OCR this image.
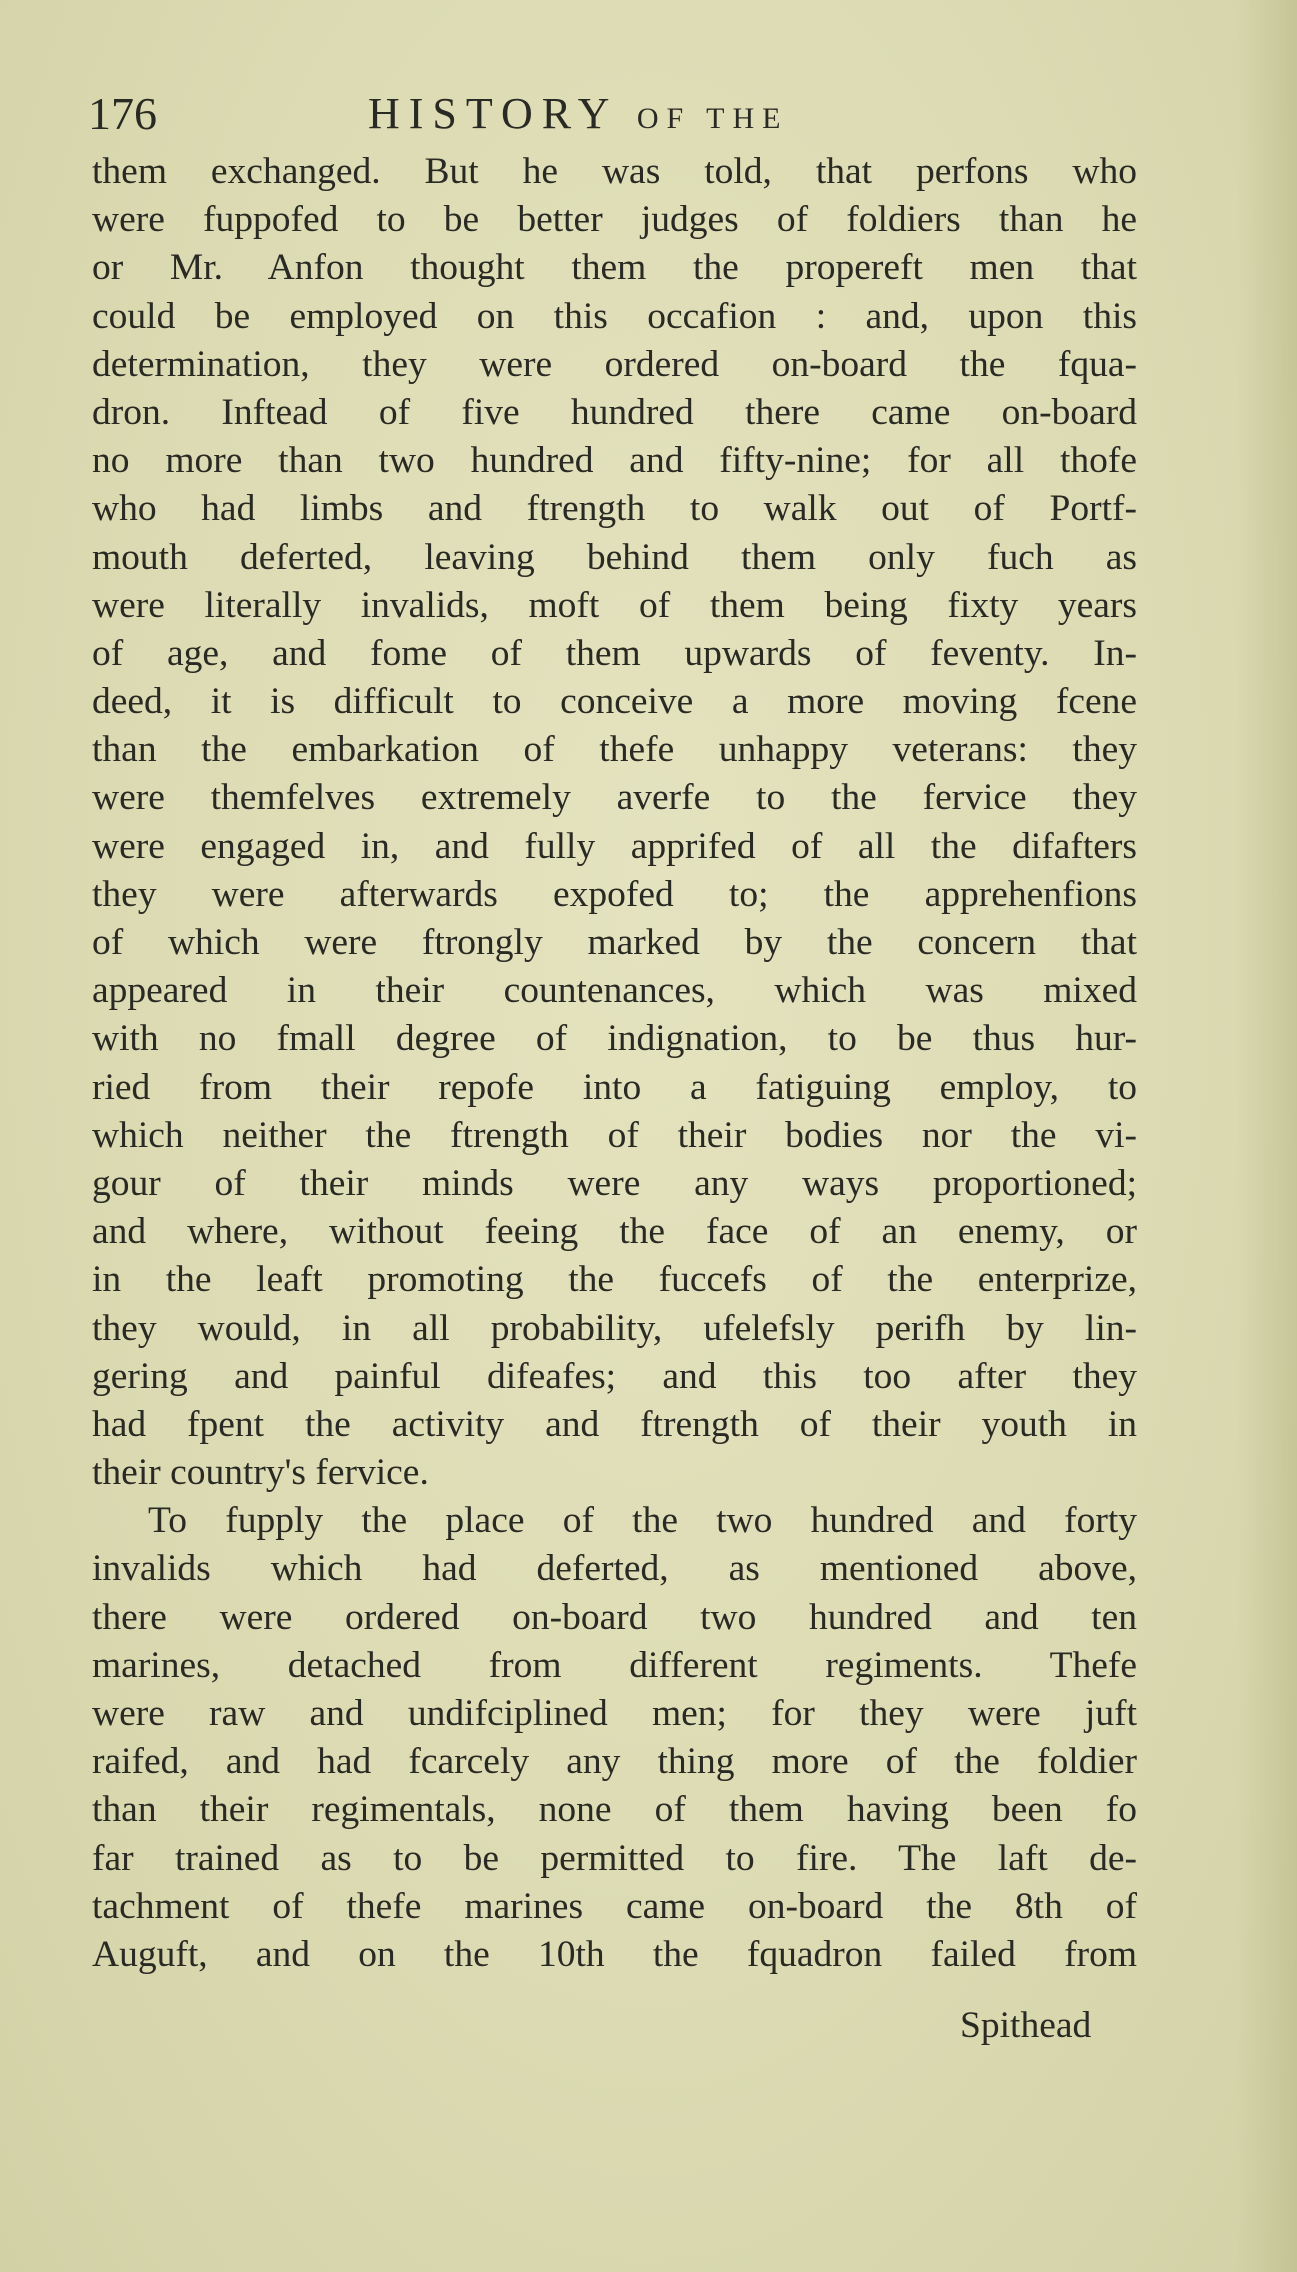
176	HISTORY OF THE
them exchanged. But he was told, that perfons who
were fuppofed to be better judges of foldiers than he
or Mr. Anfon thought them the propereft men that
could be employed on this occafion : and, upon this
determination, they were ordered on-board the fqua-
dron. Inftead of five hundred there came on-board
no more than two hundred and fifty-nine; for all thofe
who had limbs and ftrength to walk out of Portf-
mouth deferted, leaving behind them only fuch as
were literally invalids, moft of them being fixty years
of age, and fome of them upwards of feventy. In-
deed, it is difficult to conceive a more moving fcene
than the embarkation of thefe unhappy veterans: they
were themfelves extremely averfe to the fervice they
were engaged in, and fully apprifed of all the difafters
they were afterwards expofed to; the apprehenfions
of which were ftrongly marked by the concern that
appeared in their countenances, which was mixed
with no fmall degree of indignation, to be thus hur-
ried from their repofe into a fatiguing employ, to
which neither the ftrength of their bodies nor the vi-
gour of their minds were any ways proportioned;
and where, without feeing the face of an enemy, or
in the leaft promoting the fuccefs of the enterprize,
they would, in all probability, ufelefsly perifh by lin-
gering and painful difeafes; and this too after they
had fpent the activity and ftrength of their youth in
their country's fervice.
To fupply the place of the two hundred and forty
invalids which had deferted, as mentioned above,
there were ordered on-board two hundred and ten
marines, detached from different regiments. Thefe
were raw and undifciplined men; for they were juft
raifed, and had fcarcely any thing more of the foldier
than their regimentals, none of them having been fo
far trained as to be permitted to fire. The laft de-
tachment of thefe marines came on-board the 8th of
Auguft, and on the 10th the fquadron failed from
Spithead
